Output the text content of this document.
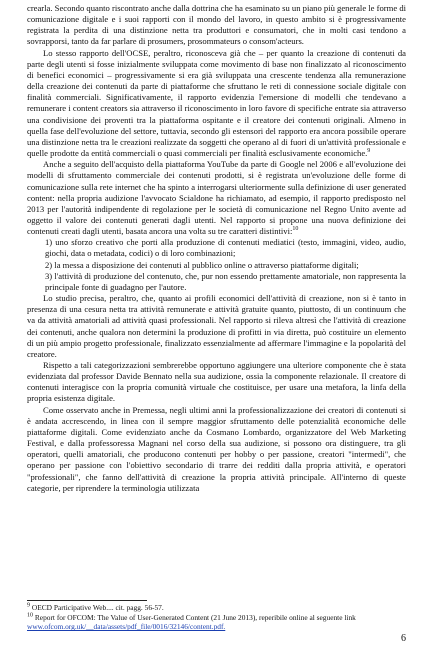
crearla. Secondo quanto riscontrato anche dalla dottrina che ha esaminato su un piano più generale le forme di comunicazione digitale e i suoi rapporti con il mondo del lavoro, in questo ambito si è progressivamente registrata la perdita di una distinzione netta tra produttori e consumatori, che in molti casi tendono a sovrapporsi, tanto da far parlare di prosumers, prosommateurs o consom'acteurs.

Lo stesso rapporto dell'OCSE, peraltro, riconosceva già che – per quanto la creazione di contenuti da parte degli utenti si fosse inizialmente sviluppata come movimento di base non finalizzato al riconoscimento di benefici economici – progressivamente si era già sviluppata una crescente tendenza alla remunerazione della creazione dei contenuti da parte di piattaforme che sfruttano le reti di connessione sociale digitale con finalità commerciali. Significativamente, il rapporto evidenzia l'emersione di modelli che tendevano a remunerare i content creators sia attraverso il riconoscimento in loro favore di specifiche entrate sia attraverso una condivisione dei proventi tra la piattaforma ospitante e il creatore dei contenuti originali. Almeno in quella fase dell'evoluzione del settore, tuttavia, secondo gli estensori del rapporto era ancora possibile operare una distinzione netta tra le creazioni realizzate da soggetti che operano al di fuori di un'attività professionale e quelle prodotte da entità commerciali o quasi commerciali per finalità esclusivamente economiche.$^9$

Anche a seguito dell'acquisto della piattaforma YouTube da parte di Google nel 2006 e all'evoluzione dei modelli di sfruttamento commerciale dei contenuti prodotti, si è registrata un'evoluzione delle forme di comunicazione sulla rete internet che ha spinto a interrogarsi ulteriormente sulla definizione di user generated content: nella propria audizione l'avvocato Scialdone ha richiamato, ad esempio, il rapporto predisposto nel 2013 per l'autorità indipendente di regolazione per le società di comunicazione nel Regno Unito avente ad oggetto il valore dei contenuti generati dagli utenti. Nel rapporto si propone una nuova definizione dei contenuti creati dagli utenti, basata ancora una volta su tre caratteri distintivi:$^{10}$

1) uno sforzo creativo che porti alla produzione di contenuti mediatici (testo, immagini, video, audio, giochi, data o metadata, codici) o di loro combinazioni;
2) la messa a disposizione dei contenuti al pubblico online o attraverso piattaforme digitali;
3) l'attività di produzione del contenuto, che, pur non essendo prettamente amatoriale, non rappresenta la principale fonte di guadagno per l'autore.

Lo studio precisa, peraltro, che, quanto ai profili economici dell'attività di creazione, non si è tanto in presenza di una cesura netta tra attività remunerate e attività gratuite quanto, piuttosto, di un continuum che va da attività amatoriali ad attività quasi professionali. Nel rapporto si rileva altresì che l'attività di creazione dei contenuti, anche qualora non determini la produzione di profitti in via diretta, può costituire un elemento di un più ampio progetto professionale, finalizzato essenzialmente ad affermare l'immagine e la popolarità del creatore.

Rispetto a tali categorizzazioni sembrerebbe opportuno aggiungere una ulteriore componente che è stata evidenziata dal professor Davide Bennato nella sua audizione, ossia la componente relazionale. Il creatore di contenuti interagisce con la propria comunità virtuale che costituisce, per usare una metafora, la linfa della propria esistenza digitale.

Come osservato anche in Premessa, negli ultimi anni la professionalizzazione dei creatori di contenuti si è andata accrescendo, in linea con il sempre maggior sfruttamento delle potenzialità economiche delle piattaforme digitali. Come evidenziato anche da Cosmano Lombardo, organizzatore del Web Marketing Festival, e dalla professoressa Magnani nel corso della sua audizione, si possono ora distinguere, tra gli operatori, quelli amatoriali, che producono contenuti per hobby o per passione, creatori "intermedi", che operano per passione con l'obiettivo secondario di trarre dei redditi dalla propria attività, e operatori "professionali", che fanno dell'attività di creazione la propria attività principale. All'interno di queste categorie, per riprendere la terminologia utilizzata

$^9$ OECD Participative Web.... cit. pagg. 56-57.

$^{10}$ Report for OFCOM: The Value of User-Generated Content (21 June 2013), reperibile online al seguente link

www.ofcom.org.uk/__data/assets/pdf_file/0016/32146/content.pdf.

6
